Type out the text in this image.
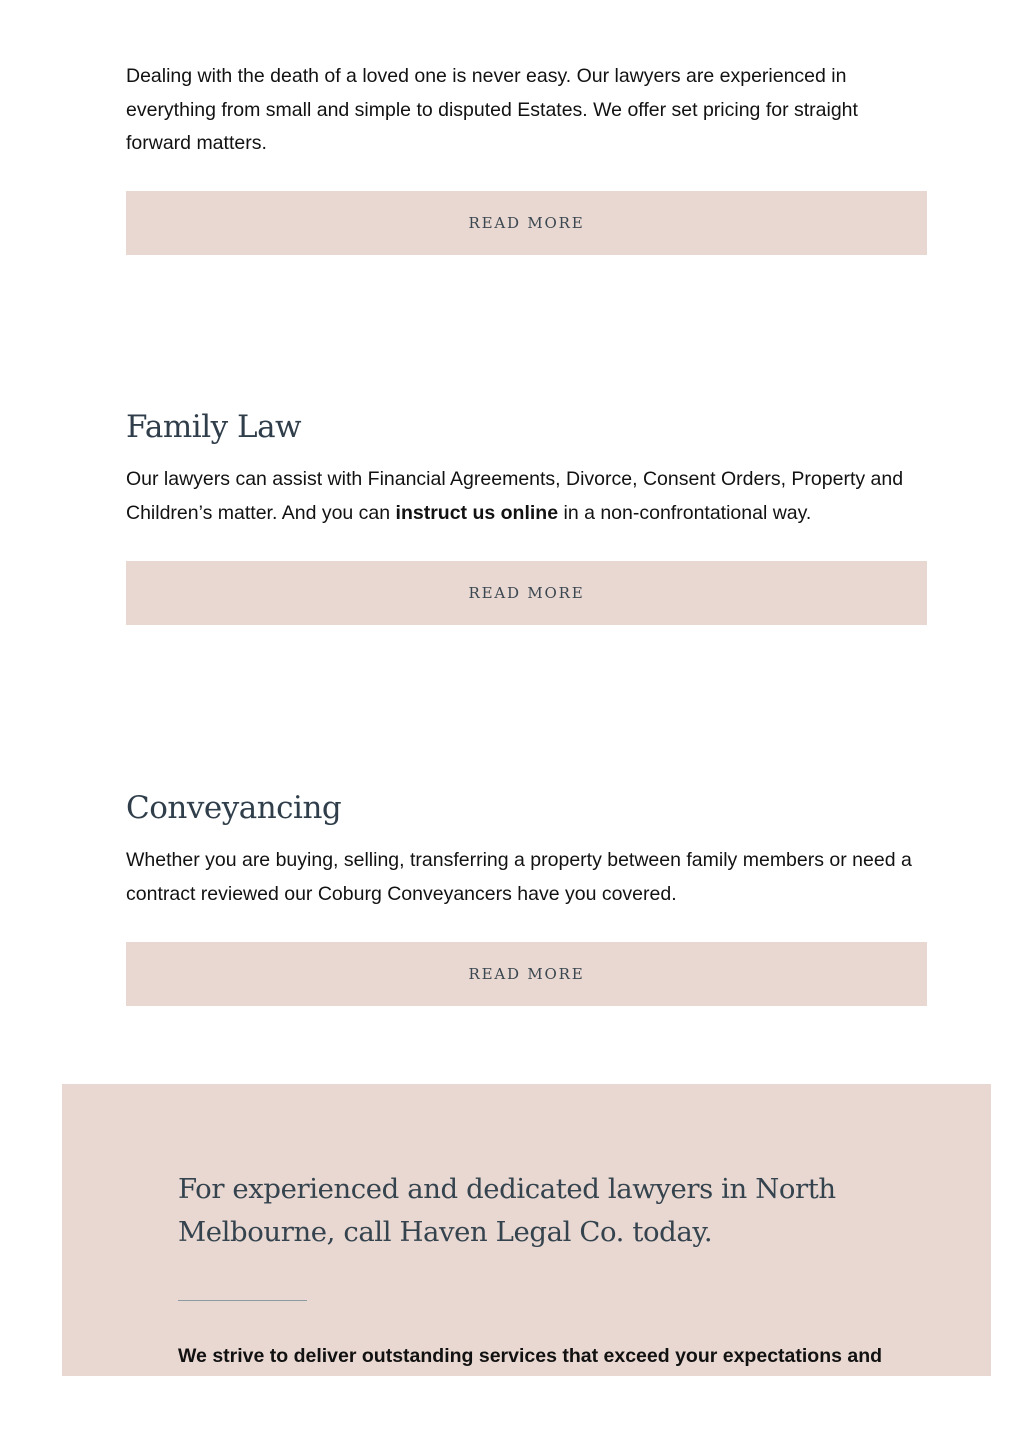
Dealing with the death of a loved one is never easy. Our lawyers are experienced in everything from small and simple to disputed Estates. We offer set pricing for straight forward matters.

READ MORE
Family Law

Our lawyers can assist with Financial Agreements, Divorce, Consent Orders, Property and Children’s matter. And you can instruct us online in a non-confrontational way.

READ MORE
Conveyancing

Whether you are buying, selling, transferring a property between family members or need a contract reviewed our Coburg Conveyancers have you covered.

READ MORE
For experienced and dedicated lawyers in North Melbourne, call Haven Legal Co. today.

We strive to deliver outstanding services that exceed your expectations and
